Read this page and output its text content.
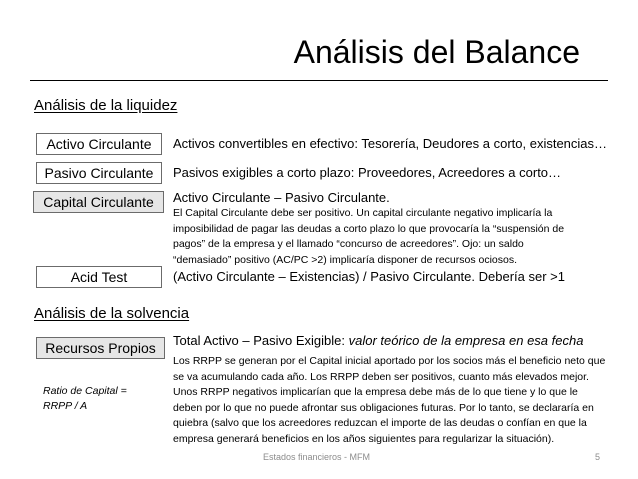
Análisis del Balance
Análisis de la liquidez
Activo Circulante	Activos convertibles en efectivo: Tesorería, Deudores a corto, existencias…
Pasivo Circulante	Pasivos exigibles a corto plazo: Proveedores, Acreedores a corto…
Capital Circulante	Activo Circulante – Pasivo Circulante.
El Capital Circulante debe ser positivo. Un capital circulante negativo implicaría la
imposibilidad de pagar las deudas a corto plazo lo que provocaría la “suspensión de
pagos” de la empresa y el llamado “concurso de acreedores”. Ojo: un saldo
“demasiado” positivo (AC/PC >2) implicaría disponer de recursos ociosos.
Acid Test	(Activo Circulante – Existencias) / Pasivo Circulante. Debería ser >1
Análisis de la solvencia
Recursos Propios	Total Activo – Pasivo Exigible: valor teórico de la empresa en esa fecha
Los RRPP se generan por el Capital inicial aportado por los socios más el beneficio neto que
se va acumulando cada año. Los RRPP deben ser positivos, cuanto más elevados mejor.
Unos RRPP negativos implicarían que la empresa debe más de lo que tiene y lo que le
deben por lo que no puede afrontar sus obligaciones futuras. Por lo tanto, se declararía en
quiebra (salvo que los acreedores reduzcan el importe de las deudas o confían en que la
empresa generará beneficios en los años siguientes para regularizar la situación).
Ratio de Capital =
RRPP / A
Estados financieros - MFM	5
